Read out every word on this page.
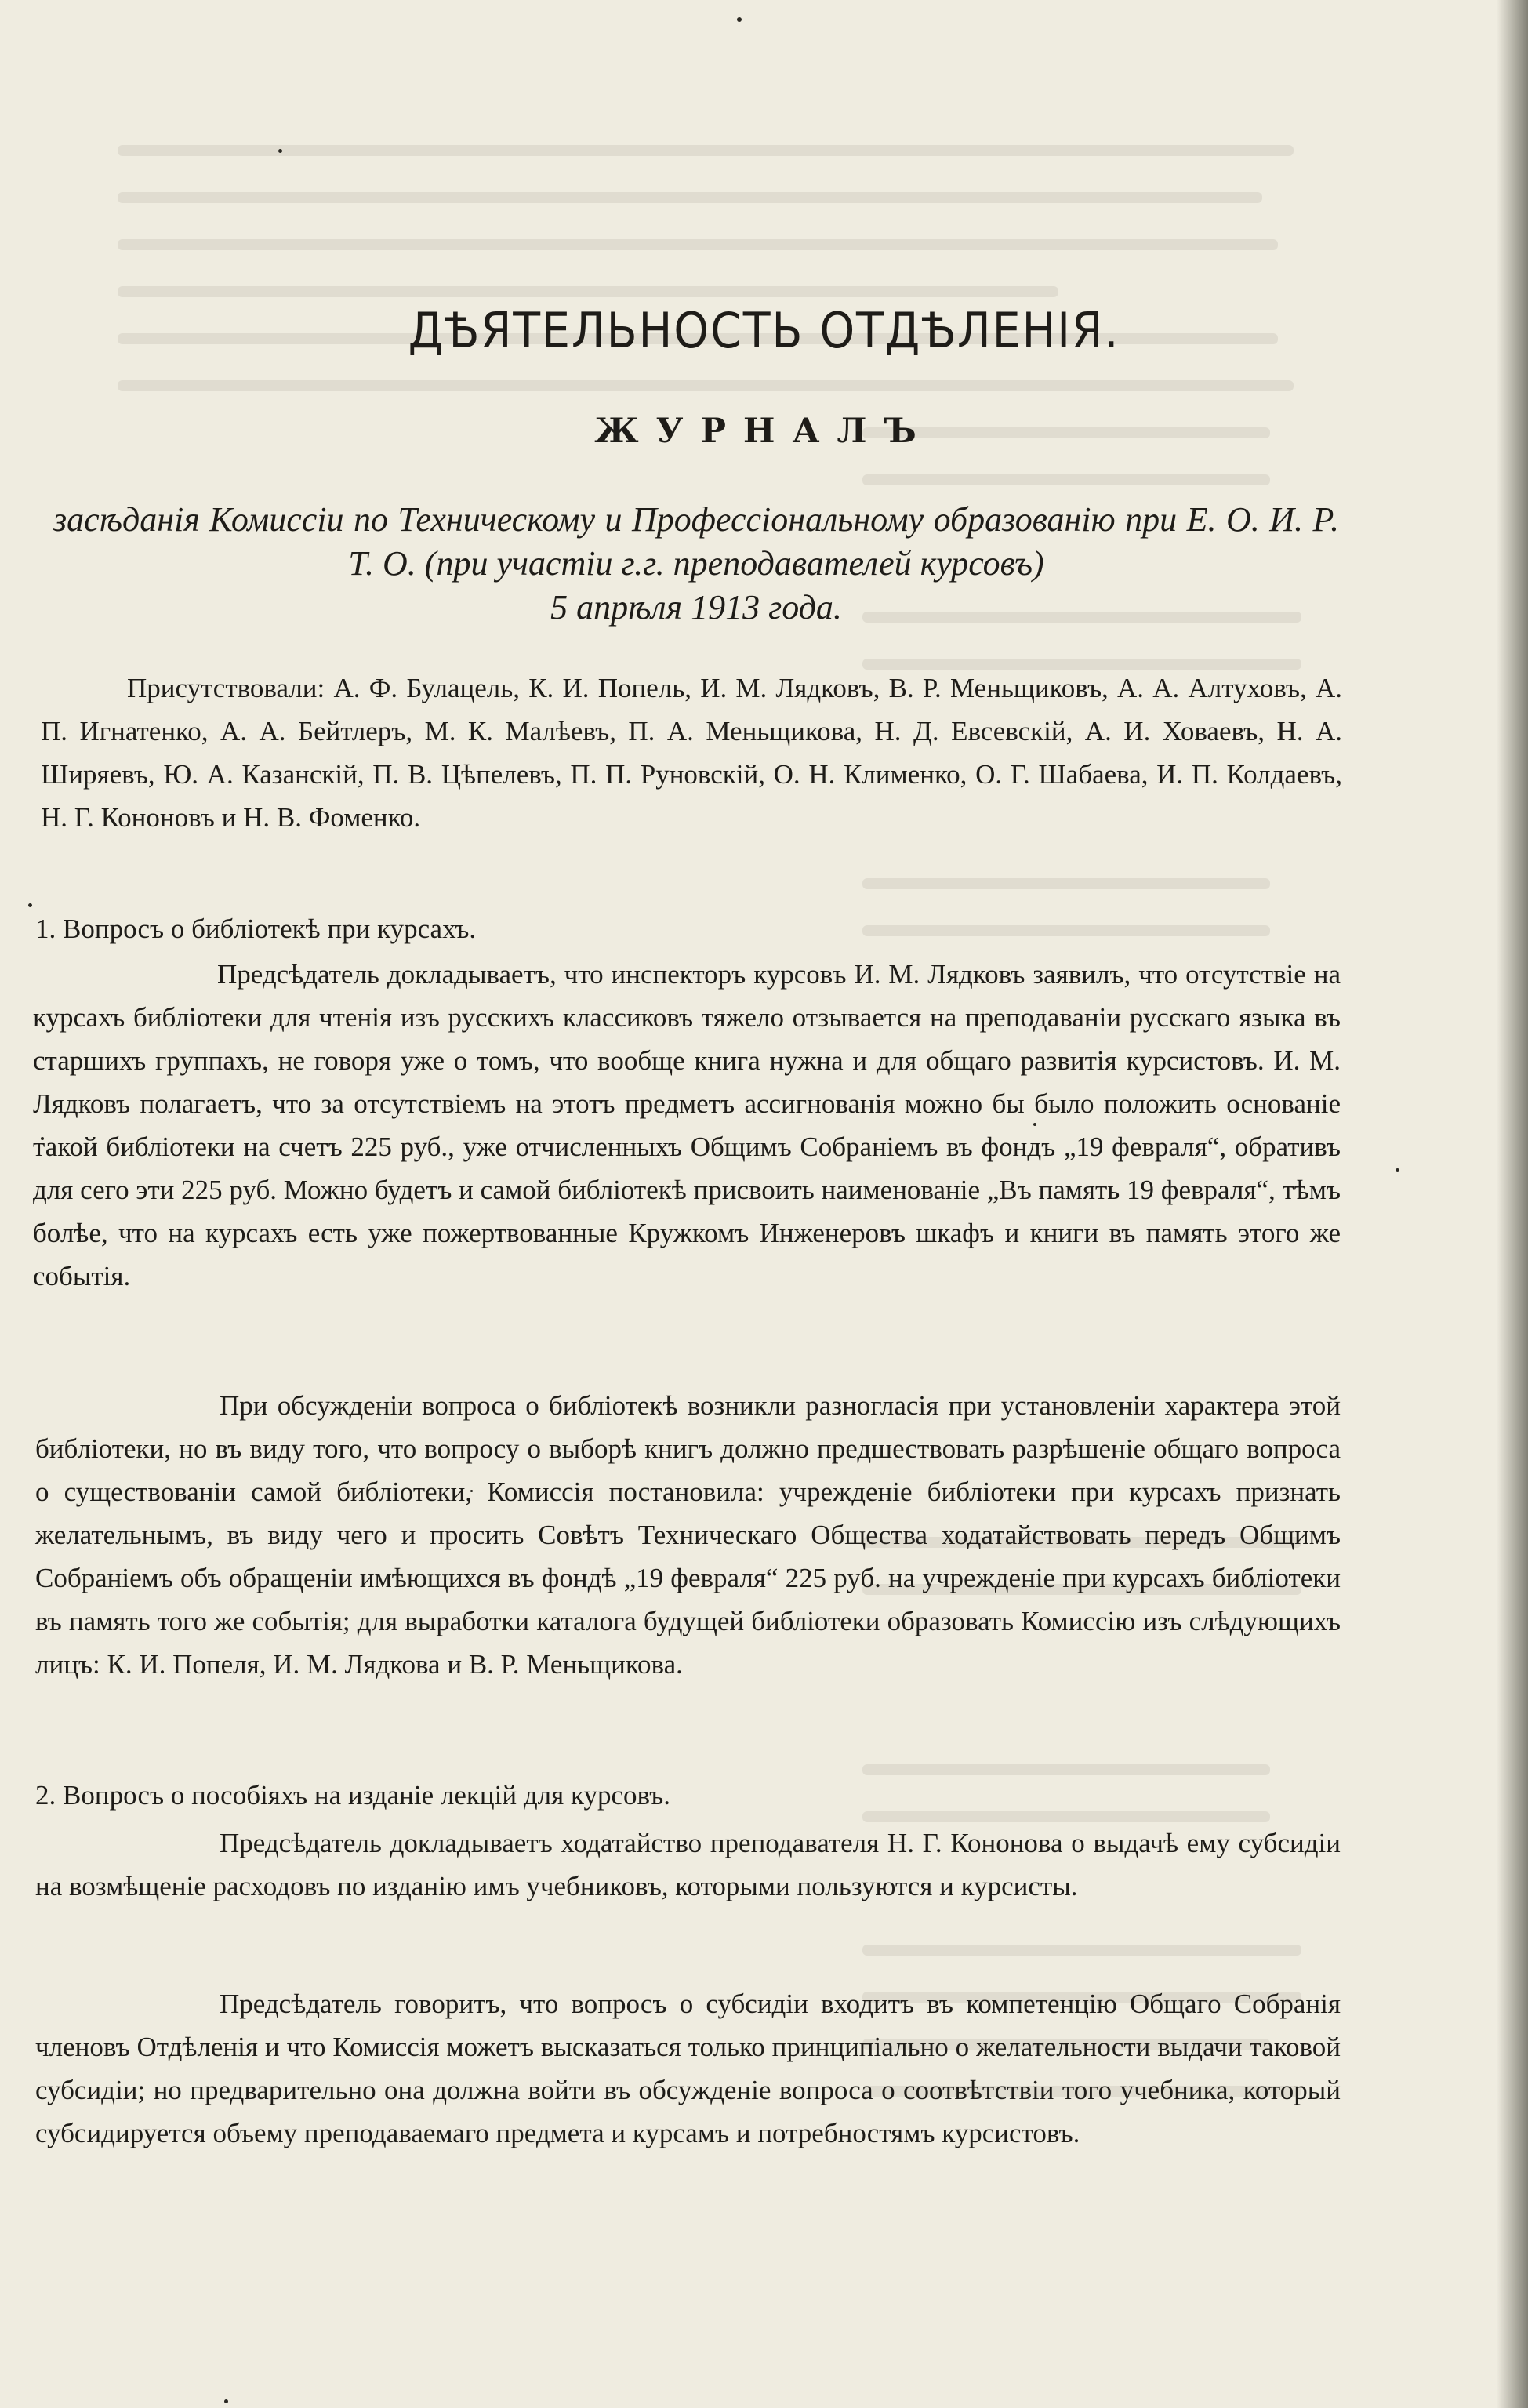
ДѢЯТЕЛЬНОСТЬ ОТДѢЛЕНІЯ.
ЖУРНАЛЪ
засѣданія Комиссіи по Техническому и Профессіональному образованію при Е. О. И. Р. Т. О. (при участіи г.г. преподавателей курсовъ)
5 апрѣля 1913 года.
Присутствовали: А. Ф. Булацель, К. И. Попель, И. М. Лядковъ, В. Р. Меньщиковъ, А. А. Алтуховъ, А. П. Игнатенко, А. А. Бейтлеръ, М. К. Малѣевъ, П. А. Меньщикова, Н. Д. Евсевскій, А. И. Ховаевъ, Н. А. Ширяевъ, Ю. А. Казанскій, П. В. Цѣпелевъ, П. П. Руновскій, О. Н. Клименко, О. Г. Шабаева, И. П. Колдаевъ, Н. Г. Кононовъ и Н. В. Фоменко.
1. Вопросъ о библіотекѣ при курсахъ.
Предсѣдатель докладываетъ, что инспекторъ курсовъ И. М. Лядковъ заявилъ, что отсутствіе на курсахъ библіотеки для чтенія изъ русскихъ классиковъ тяжело отзывается на преподаваніи русскаго языка въ старшихъ группахъ, не говоря уже о томъ, что вообще книга нужна и для общаго развитія курсистовъ. И. М. Лядковъ полагаетъ, что за отсутствіемъ на этотъ предметъ ассигнованія можно бы было положить основаніе такой библіотеки на счетъ 225 руб., уже отчисленныхъ Общимъ Собраніемъ въ фондъ „19 февраля“, обративъ для сего эти 225 руб. Можно будетъ и самой библіотекѣ присвоить наименованіе „Въ память 19 февраля“, тѣмъ болѣе, что на курсахъ есть уже пожертвованные Кружкомъ Инженеровъ шкафъ и книги въ память этого же событія.
При обсужденіи вопроса о библіотекѣ возникли разногласія при установленіи характера этой библіотеки, но въ виду того, что вопросу о выборѣ книгъ должно предшествовать разрѣшеніе общаго вопроса о существованіи самой библіотеки, Комиссія постановила: учрежденіе библіотеки при курсахъ признать желательнымъ, въ виду чего и просить Совѣтъ Техническаго Общества ходатайствовать передъ Общимъ Собраніемъ объ обращеніи имѣющихся въ фондѣ „19 февраля“ 225 руб. на учрежденіе при курсахъ библіотеки въ память того же событія; для выработки каталога будущей библіотеки образовать Комиссію изъ слѣдующихъ лицъ: К. И. Попеля, И. М. Лядкова и В. Р. Меньщикова.
2. Вопросъ о пособіяхъ на изданіе лекцій для курсовъ.
Предсѣдатель докладываетъ ходатайство преподавателя Н. Г. Кононова о выдачѣ ему субсидіи на возмѣщеніе расходовъ по изданію имъ учебниковъ, которыми пользуются и курсисты.
Предсѣдатель говоритъ, что вопросъ о субсидіи входитъ въ компетенцію Общаго Собранія членовъ Отдѣленія и что Комиссія можетъ высказаться только принципіально о желательности выдачи таковой субсидіи; но предварительно она должна войти въ обсужденіе вопроса о соотвѣтствіи того учебника, который субсидируется объему преподаваемаго предмета и курсамъ и потребностямъ курсистовъ.
